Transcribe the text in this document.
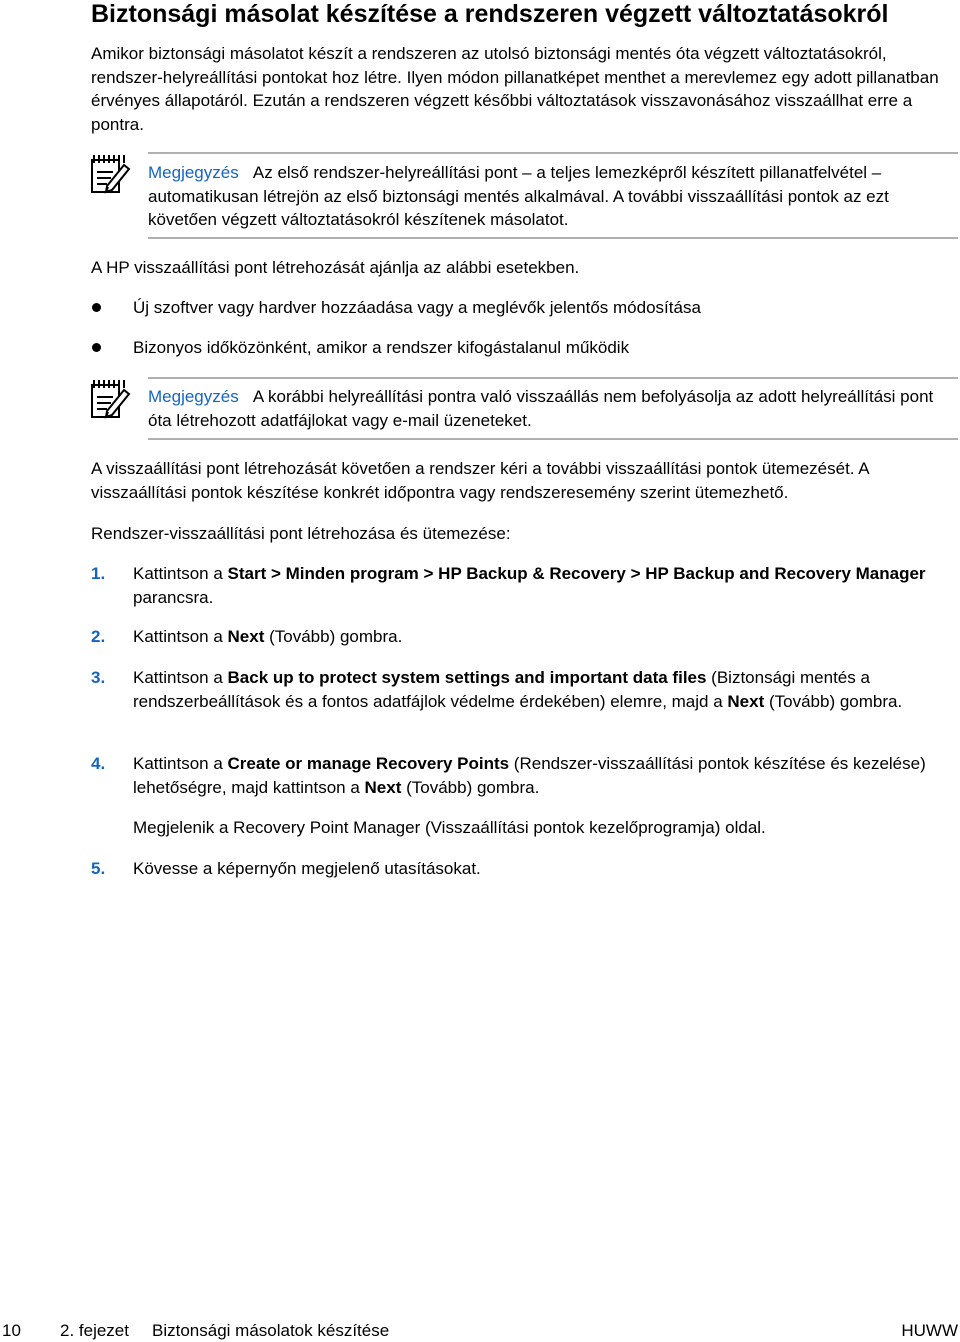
Biztonsági másolat készítése a rendszeren végzett változtatásokról

Amikor biztonsági másolatot készít a rendszeren az utolsó biztonsági mentés óta végzett változtatásokról, rendszer-helyreállítási pontokat hoz létre. Ilyen módon pillanatképet menthet a merevlemez egy adott pillanatban érvényes állapotáról. Ezután a rendszeren végzett későbbi változtatások visszavonásához visszaállhat erre a pontra.

Megjegyzés Az első rendszer-helyreállítási pont – a teljes lemezképről készített pillanatfelvétel – automatikusan létrejön az első biztonsági mentés alkalmával. A további visszaállítási pontok az ezt követően végzett változtatásokról készítenek másolatot.

A HP visszaállítási pont létrehozását ajánlja az alábbi esetekben.

Új szoftver vagy hardver hozzáadása vagy a meglévők jelentős módosítása
Bizonyos időközönként, amikor a rendszer kifogástalanul működik

Megjegyzés A korábbi helyreállítási pontra való visszaállás nem befolyásolja az adott helyreállítási pont óta létrehozott adatfájlokat vagy e-mail üzeneteket.

A visszaállítási pont létrehozását követően a rendszer kéri a további visszaállítási pontok ütemezését. A visszaállítási pontok készítése konkrét időpontra vagy rendszeresemény szerint ütemezhető.

Rendszer-visszaállítási pont létrehozása és ütemezése:

1. Kattintson a Start > Minden program > HP Backup & Recovery > HP Backup and Recovery Manager parancsra.

2. Kattintson a Next (Tovább) gombra.

3. Kattintson a Back up to protect system settings and important data files (Biztonsági mentés a rendszerbeállítások és a fontos adatfájlok védelme érdekében) elemre, majd a Next (Tovább) gombra.

4. Kattintson a Create or manage Recovery Points (Rendszer-visszaállítási pontok készítése és kezelése) lehetőségre, majd kattintson a Next (Tovább) gombra.

Megjelenik a Recovery Point Manager (Visszaállítási pontok kezelőprogramja) oldal.

5. Kövesse a képernyőn megjelenő utasításokat.

10 2. fejezet Biztonsági másolatok készítése	HUWW
